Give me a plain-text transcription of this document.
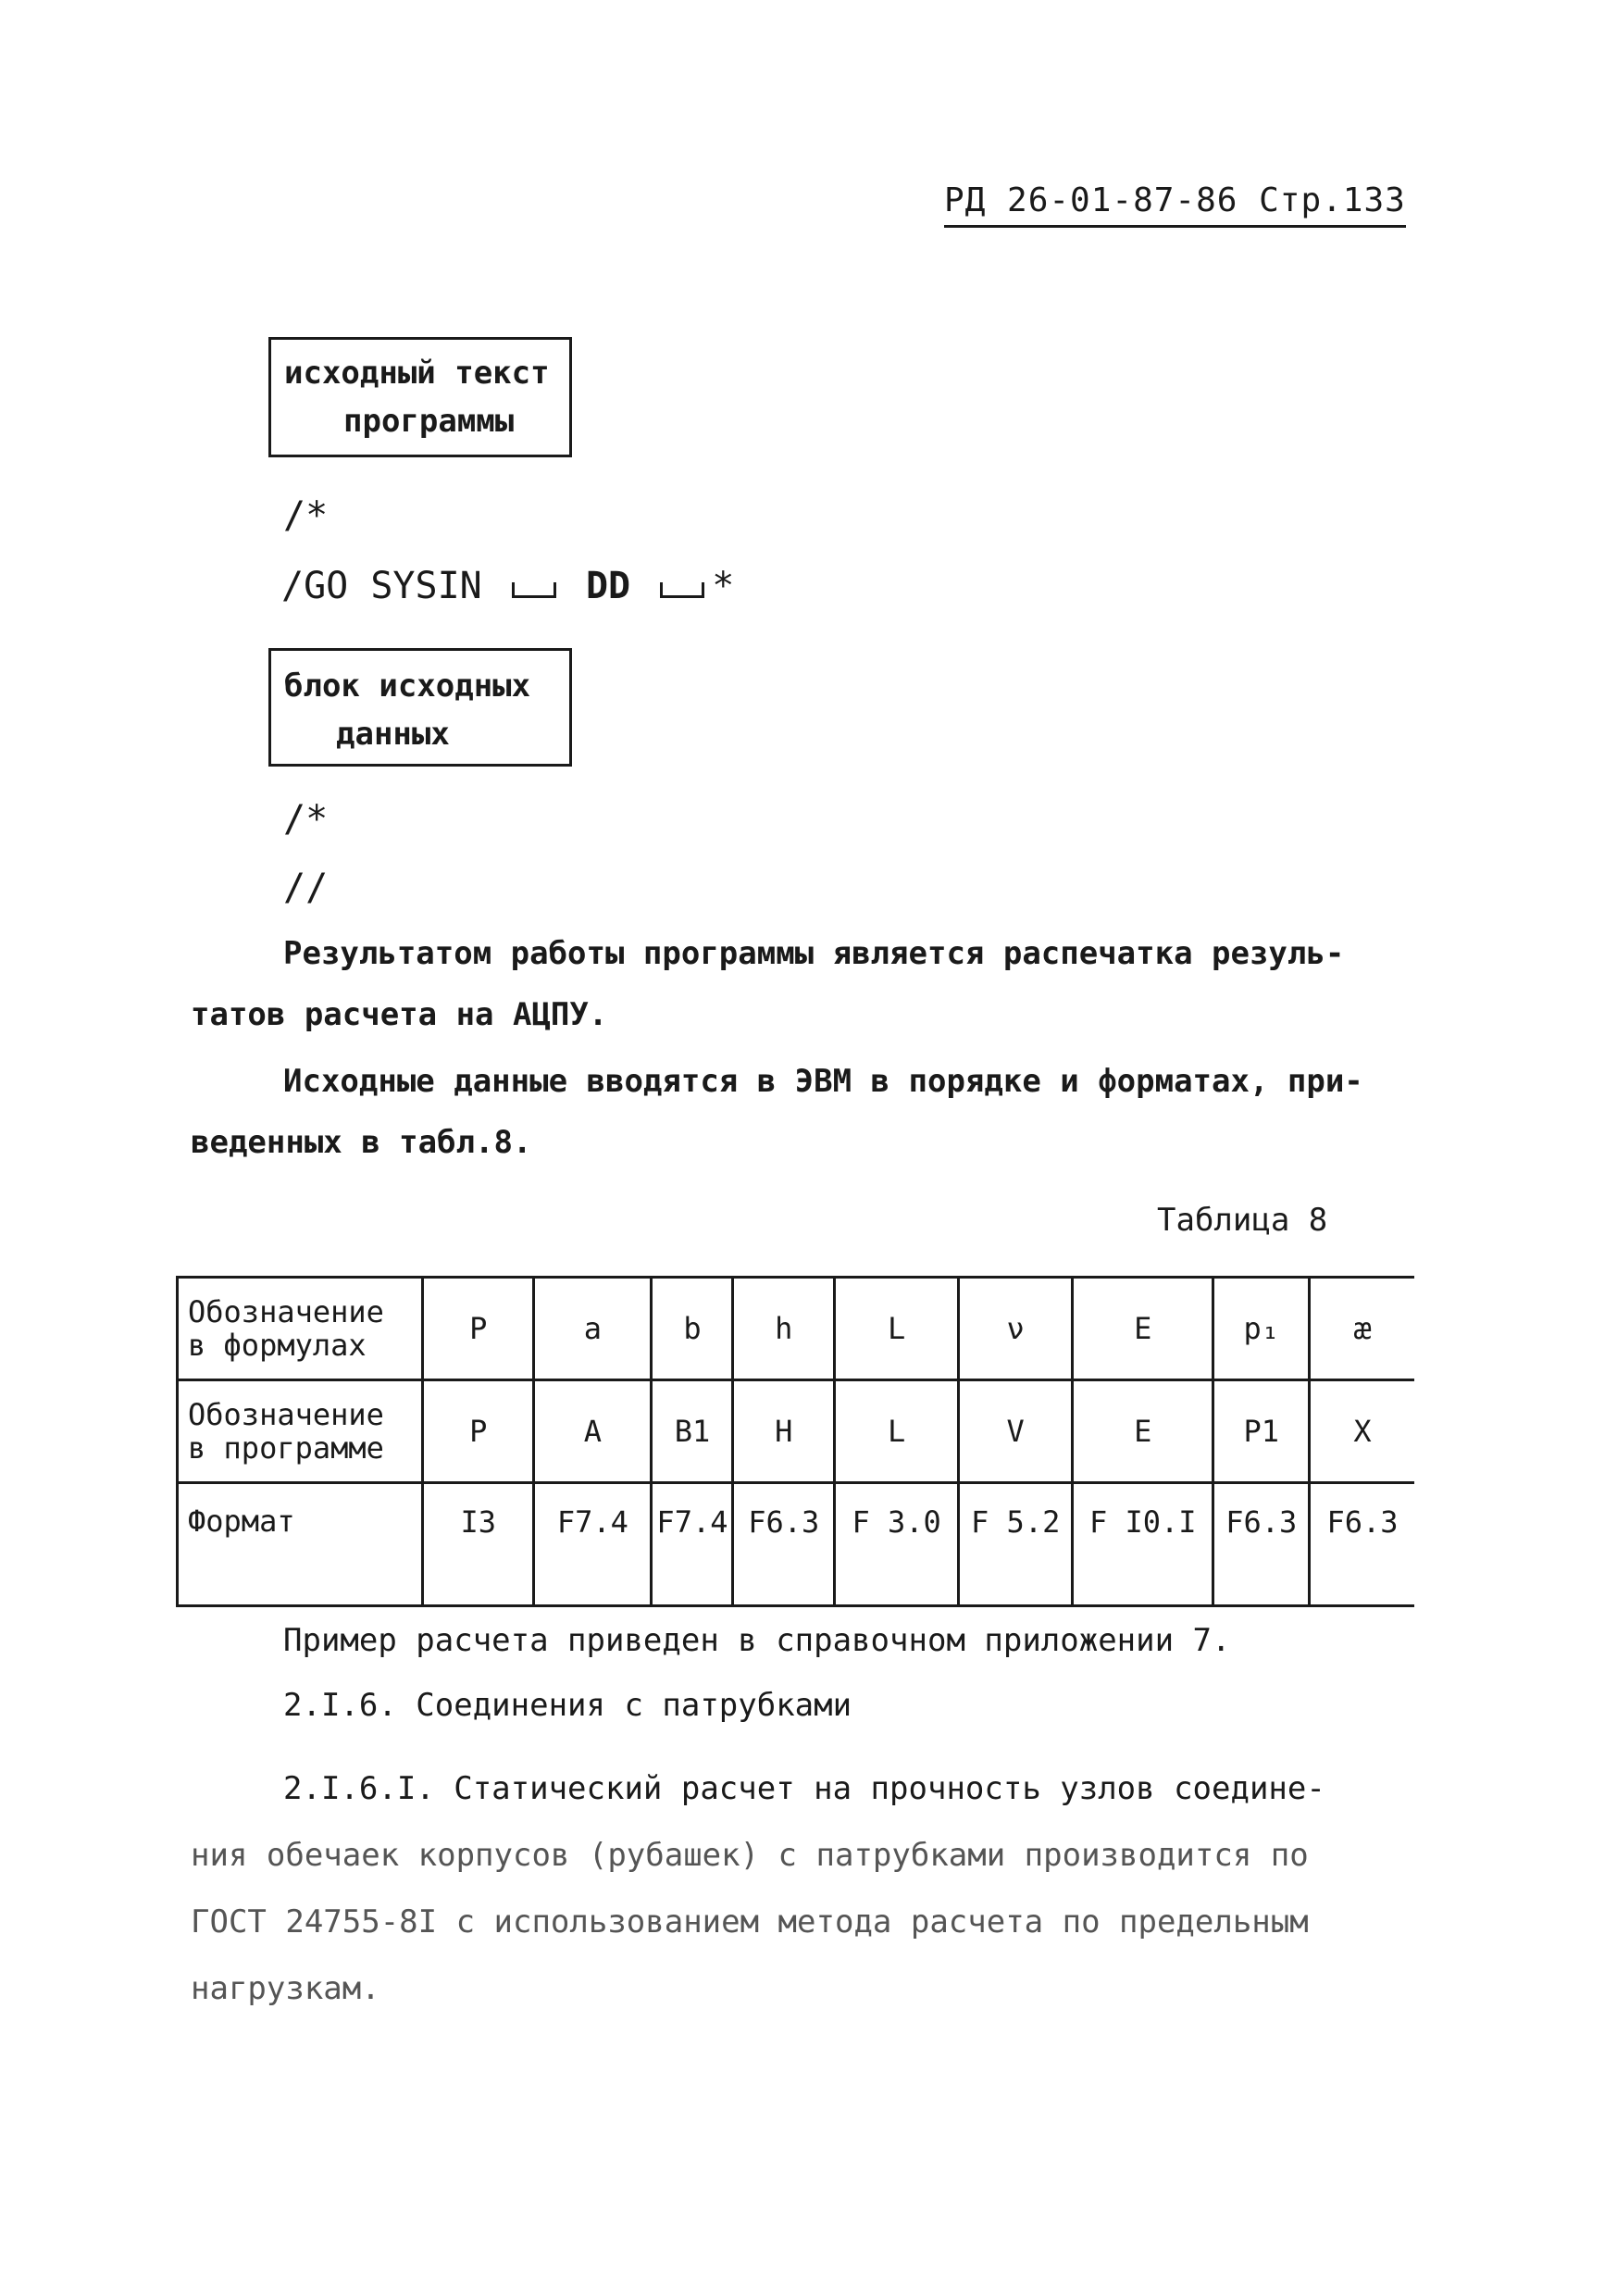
РД 26-01-87-86 Стр.133
исходный текст
программы
/*
/GO SYSIN	DD *
блок исходных
данных
/*
//
Результатом работы программы является распечатка резуль-
татов расчета на АЦПУ.
Исходные данные вводятся в ЭВМ в порядке и форматах, при-
веденных в табл.8.
Таблица 8
Обозначение в формулах	P	a	b	h	L	ν	E	p₁	æ
Обозначение в программе	P	A	B1	H	L	V	E	P1	X
Формат	I3	F7.4	F7.4	F6.3	F 3.0	F 5.2	F I0.I	F6.3	F6.3
Пример расчета приведен в справочном приложении 7.
2.I.6. Соединения с патрубками
2.I.6.I. Статический расчет на прочность узлов соедине-
ния обечаек корпусов (рубашек) с патрубками производится по
ГОСТ 24755-8I с использованием метода расчета по предельным
нагрузкам.
